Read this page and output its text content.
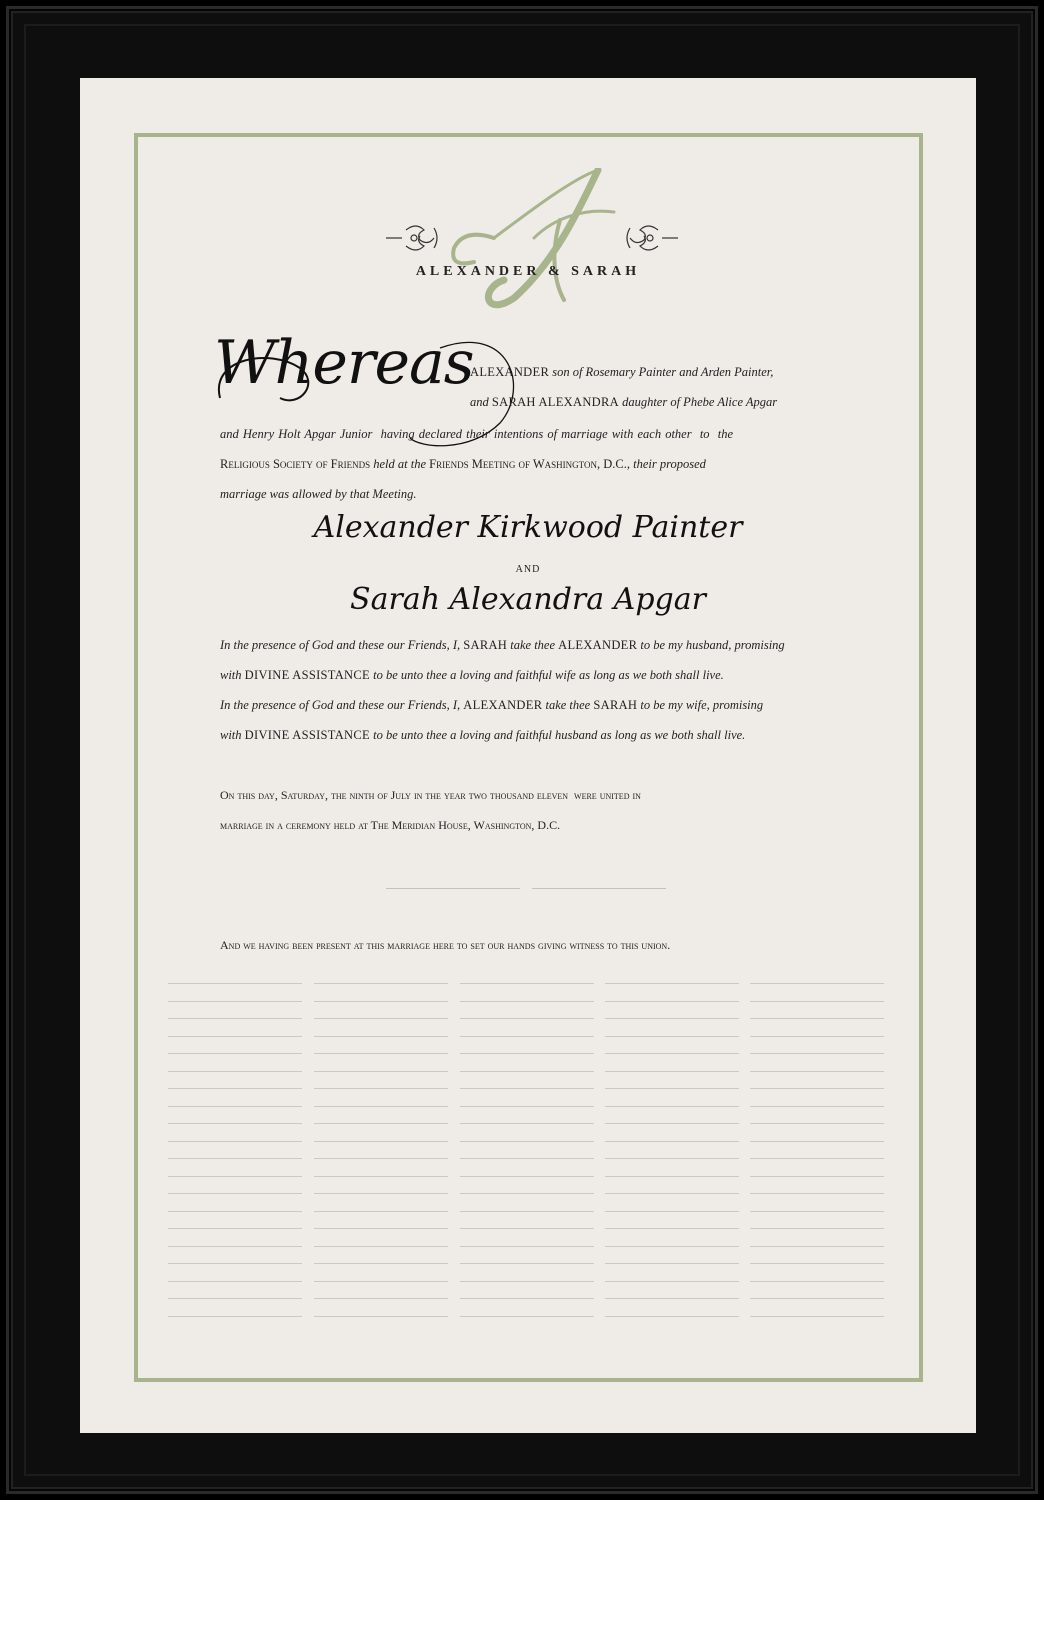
ALEXANDER & SARAH
Whereas
ALEXANDER son of Rosemary Painter and Arden Painter,
and SARAH ALEXANDRA daughter of Phebe Alice Apgar
and Henry Holt Apgar Junior  having declared their intentions of marriage with each other  to  the
Religious Society of Friends held at the Friends Meeting of Washington, D.C., their proposed
marriage was allowed by that Meeting.
Alexander Kirkwood Painter
AND
Sarah Alexandra Apgar
In the presence of God and these our Friends, I, SARAH take thee ALEXANDER to be my husband, promising
with DIVINE ASSISTANCE to be unto thee a loving and faithful wife as long as we both shall live.
In the presence of God and these our Friends, I, ALEXANDER take thee SARAH to be my wife, promising
with DIVINE ASSISTANCE to be unto thee a loving and faithful husband as long as we both shall live.
On this day, Saturday, the ninth of July in the year two thousand eleven  were united in
marriage in a ceremony held at The Meridian House, Washington, D.C.
And we having been present at this marriage here to set our hands giving witness to this union.
